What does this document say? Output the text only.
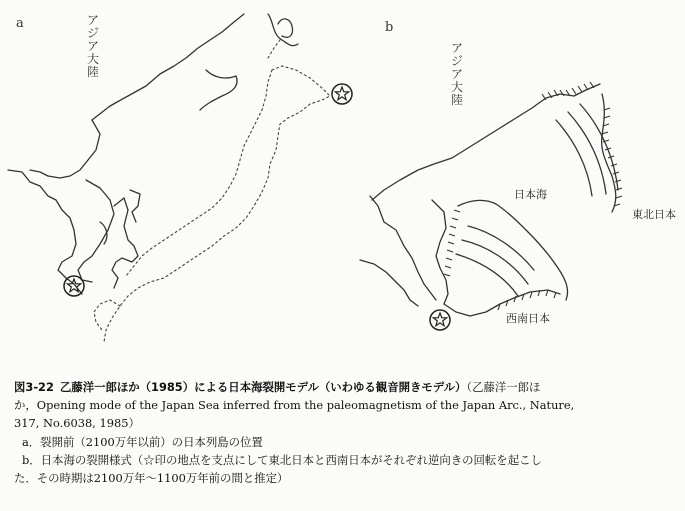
a	ア
ジ
ア
大
陸
b
ア
ジ
ア
大
陸
日本海
東北日本
西南日本
図3-22 乙藤洋一郎ほか（1985）による日本海裂開モデル（いわゆる観音開きモデル）（乙藤洋一郎ほ
か，Opening mode of the Japan Sea inferred from the paleomagnetism of the Japan Arc., Nature,
317, No.6038, 1985）
a．裂開前（2100万年以前）の日本列島の位置
b．日本海の裂開様式（☆印の地点を支点にして東北日本と西南日本がそれぞれ逆向きの回転を起こし
た．その時期は2100万年〜1100万年前の間と推定）
